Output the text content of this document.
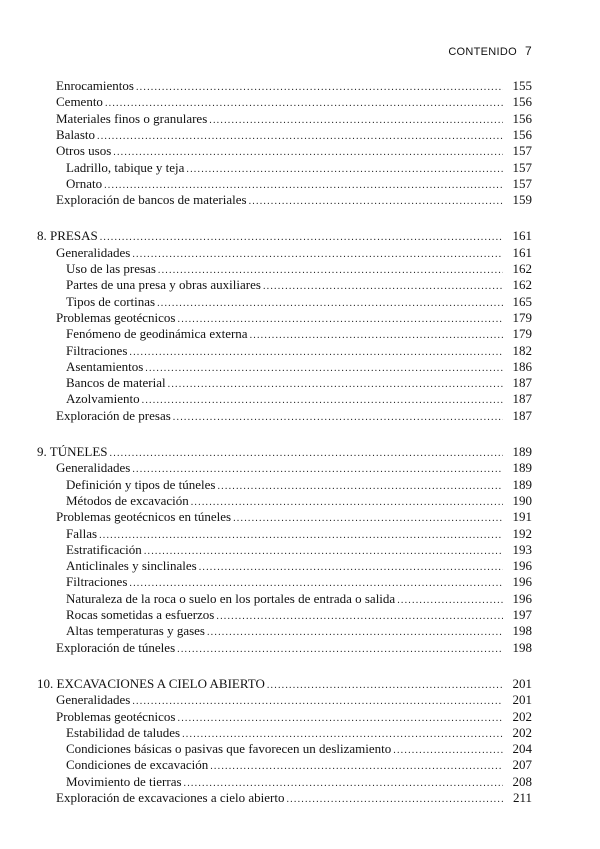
CONTENIDO 7
Enrocamientos .....	155
Cemento .....	156
Materiales finos o granulares .....	156
Balasto .....	156
Otros usos .....	157
Ladrillo, tabique y teja .....	157
Ornato .....	157
Exploración de bancos de materiales .....	159
8. PRESAS .....	161
Generalidades .....	161
Uso de las presas .....	162
Partes de una presa y obras auxiliares .....	162
Tipos de cortinas .....	165
Problemas geotécnicos .....	179
Fenómeno de geodinámica externa .....	179
Filtraciones .....	182
Asentamientos .....	186
Bancos de material .....	187
Azolvamiento .....	187
Exploración de presas .....	187
9. TÚNELES .....	189
Generalidades .....	189
Definición y tipos de túneles .....	189
Métodos de excavación .....	190
Problemas geotécnicos en túneles .....	191
Fallas .....	192
Estratificación .....	193
Anticlinales y sinclinales .....	196
Filtraciones .....	196
Naturaleza de la roca o suelo en los portales de entrada o salida .....	196
Rocas sometidas a esfuerzos .....	197
Altas temperaturas y gases .....	198
Exploración de túneles .....	198
10. EXCAVACIONES A CIELO ABIERTO .....	201
Generalidades .....	201
Problemas geotécnicos .....	202
Estabilidad de taludes .....	202
Condiciones básicas o pasivas que favorecen un deslizamiento .....	204
Condiciones de excavación .....	207
Movimiento de tierras .....	208
Exploración de excavaciones a cielo abierto .....	211
